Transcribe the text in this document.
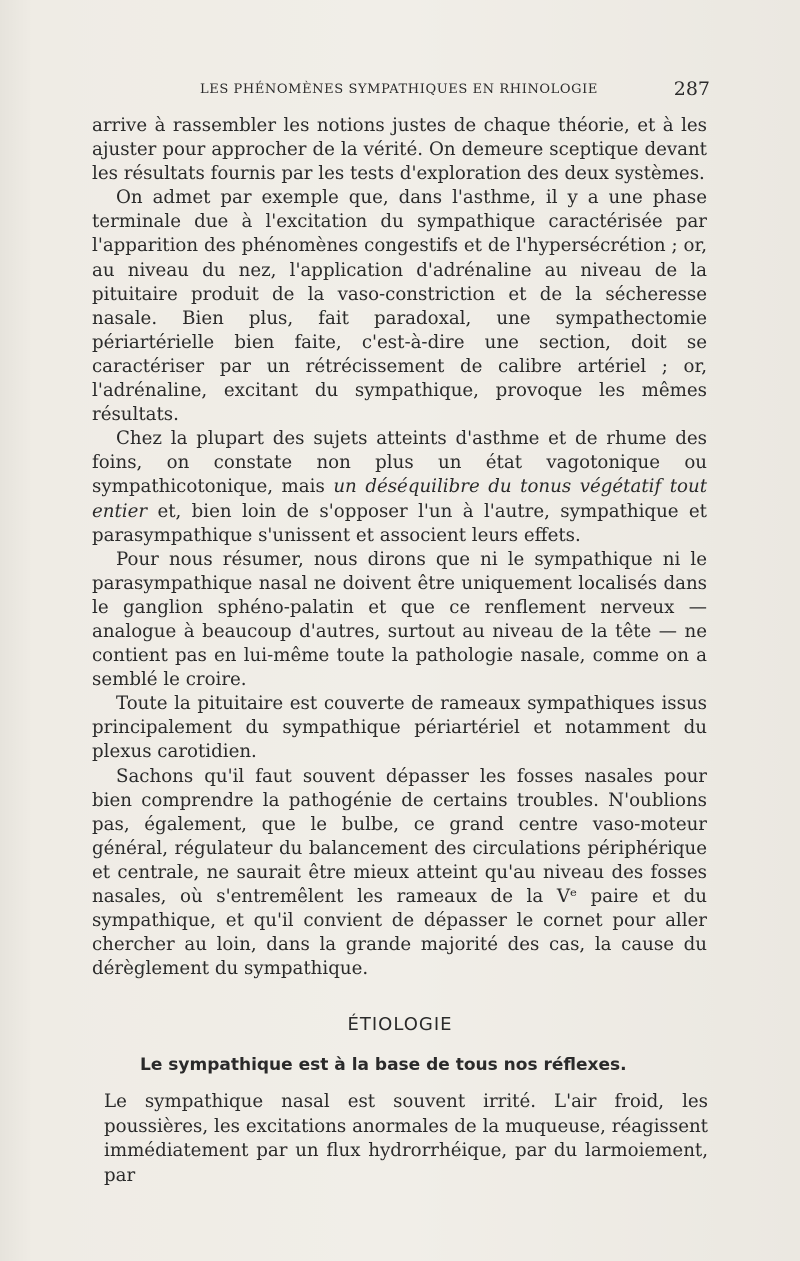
LES PHÉNOMÈNES SYMPATHIQUES EN RHINOLOGIE	287

arrive à rassembler les notions justes de chaque théorie, et à les ajuster pour approcher de la vérité. On demeure sceptique devant les résultats fournis par les tests d'exploration des deux systèmes.

On admet par exemple que, dans l'asthme, il y a une phase terminale due à l'excitation du sympathique caractérisée par l'apparition des phénomènes congestifs et de l'hypersécrétion ; or, au niveau du nez, l'application d'adrénaline au niveau de la pituitaire produit de la vaso-constriction et de la sécheresse nasale. Bien plus, fait paradoxal, une sympathectomie périartérielle bien faite, c'est-à-dire une section, doit se caractériser par un rétrécissement de calibre artériel ; or, l'adrénaline, excitant du sympathique, provoque les mêmes résultats.

Chez la plupart des sujets atteints d'asthme et de rhume des foins, on constate non plus un état vagotonique ou sympathicotonique, mais un déséquilibre du tonus végétatif tout entier et, bien loin de s'opposer l'un à l'autre, sympathique et parasympathique s'unissent et associent leurs effets.

Pour nous résumer, nous dirons que ni le sympathique ni le parasympathique nasal ne doivent être uniquement localisés dans le ganglion sphéno-palatin et que ce renflement nerveux — analogue à beaucoup d'autres, surtout au niveau de la tête — ne contient pas en lui-même toute la pathologie nasale, comme on a semblé le croire.

Toute la pituitaire est couverte de rameaux sympathiques issus principalement du sympathique périartériel et notamment du plexus carotidien.

Sachons qu'il faut souvent dépasser les fosses nasales pour bien comprendre la pathogénie de certains troubles. N'oublions pas, également, que le bulbe, ce grand centre vaso-moteur général, régulateur du balancement des circulations périphérique et centrale, ne saurait être mieux atteint qu'au niveau des fosses nasales, où s'entremêlent les rameaux de la Vᵉ paire et du sympathique, et qu'il convient de dépasser le cornet pour aller chercher au loin, dans la grande majorité des cas, la cause du dérèglement du sympathique.

ÉTIOLOGIE
Le sympathique est à la base de tous nos réflexes.

Le sympathique nasal est souvent irrité. L'air froid, les poussières, les excitations anormales de la muqueuse, réagissent immédiatement par un flux hydrorrhéique, par du larmoiement, par
